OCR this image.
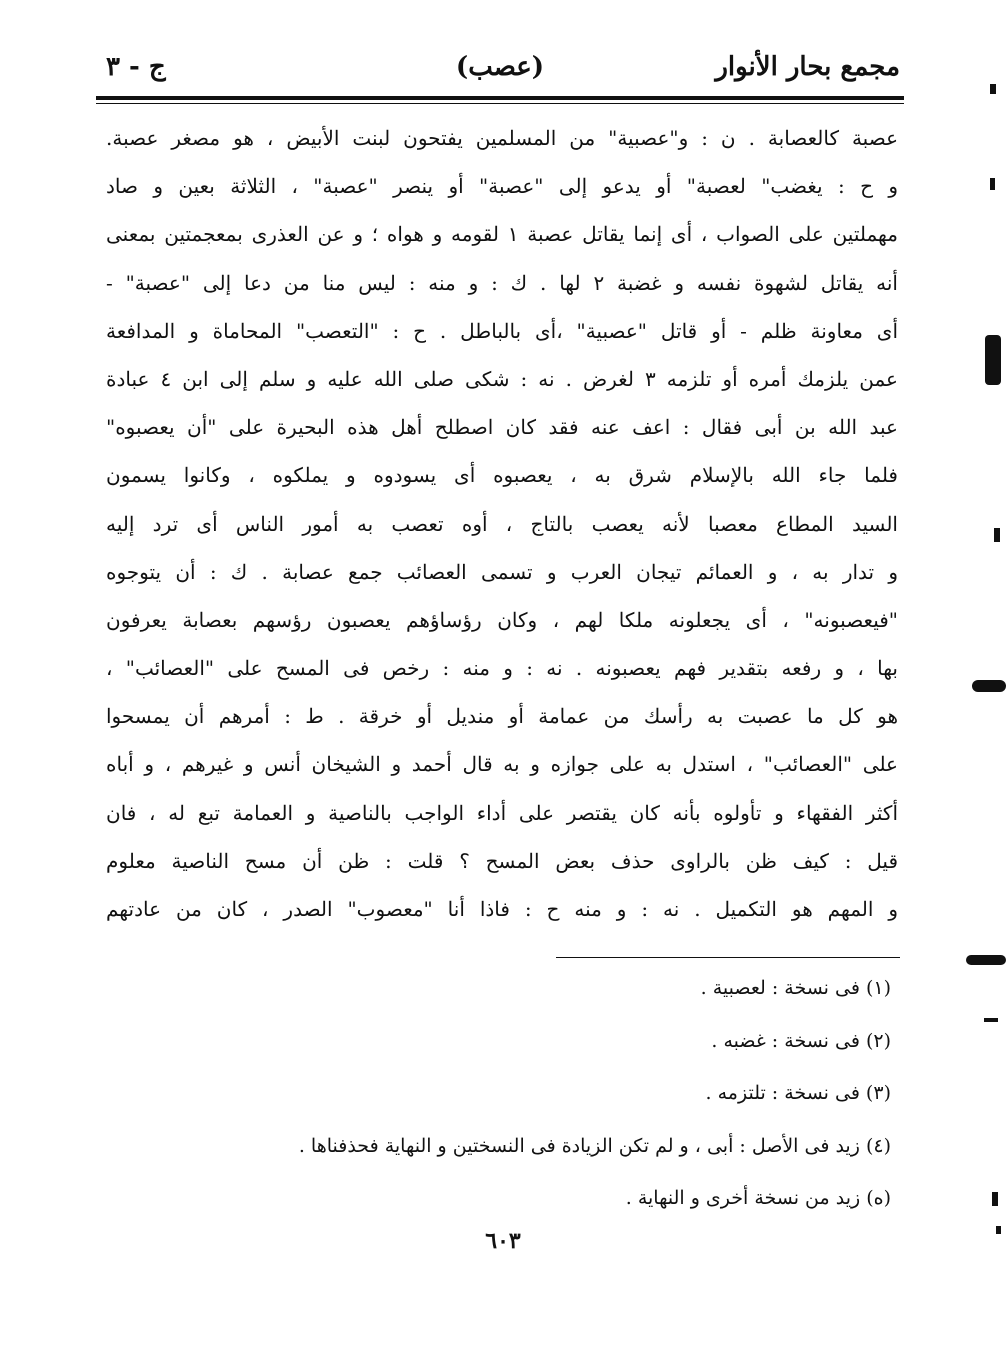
مجمع بحار الأنوار
(عصب)
ج - ٣
عصبة كالعصابة . ن : و"عصبية" من المسلمين يفتحون لبنت الأبيض ، هو مصغر عصبة.
و ح : يغضب" لعصبة" أو يدعو إلى "عصبة" أو ينصر "عصبة" ، الثلاثة بعين و صاد
مهملتين على الصواب ، أى إنما يقاتل عصبة ١ لقومه و هواه ؛ و عن العذرى بمعجمتين بمعنى
أنه يقاتل لشهوة نفسه و غضبة ٢ لها . ك : و منه : ليس منا من دعا إلى "عصبة" -
أى معاونة ظلم - أو قاتل "عصبية" ،أى بالباطل . ح : "التعصب" المحاماة و المدافعة
عمن يلزمك أمره أو تلزمه ٣ لغرض . نه : شكى صلى الله عليه و سلم إلى ابن ٤ عبادة
عبد الله بن أبى فقال : اعف عنه فقد كان اصطلح أهل هذه البحيرة على "أن يعصبوه"
فلما جاء الله بالإسلام شرق به ، يعصبوه أى يسودوه و يملكوه ، وكانوا يسمون
السيد المطاع معصبا لأنه يعصب بالتاج ، أوه تعصب به أمور الناس أى ترد إليه
و تدار به ، و العمائم تيجان العرب و تسمى العصائب جمع عصابة . ك : أن يتوجوه
"فيعصبونه" ، أى يجعلونه ملكا لهم ، وكان رؤساؤهم يعصبون رؤسهم بعصابة يعرفون
بها ، و رفعه بتقدير فهم يعصبونه . نه : و منه : رخص فى المسح على "العصائب" ،
هو كل ما عصبت به رأسك من عمامة أو منديل أو خرقة . ط : أمرهم أن يمسحوا
على "العصائب" ، استدل به على جوازه و به قال أحمد و الشيخان أنس و غيرهم ، و أباه
أكثر الفقهاء و تأولوه بأنه كان يقتصر على أداء الواجب بالناصية و العمامة تبع له ، فان
قيل : كيف ظن بالراوى حذف بعض المسح ؟ قلت : ظن أن مسح الناصية معلوم
و المهم هو التكميل . نه : و منه ح : فاذا أنا "معصوب" الصدر ، كان من عادتهم
(١) فى نسخة : لعصبية .
(٢) فى نسخة : غضبه .
(٣) فى نسخة : تلتزمه .
(٤) زيد فى الأصل : أبى ، و لم تكن الزيادة فى النسختين و النهاية فحذفناها .
(ه) زيد من نسخة أخرى و النهاية .
٦٠٣
